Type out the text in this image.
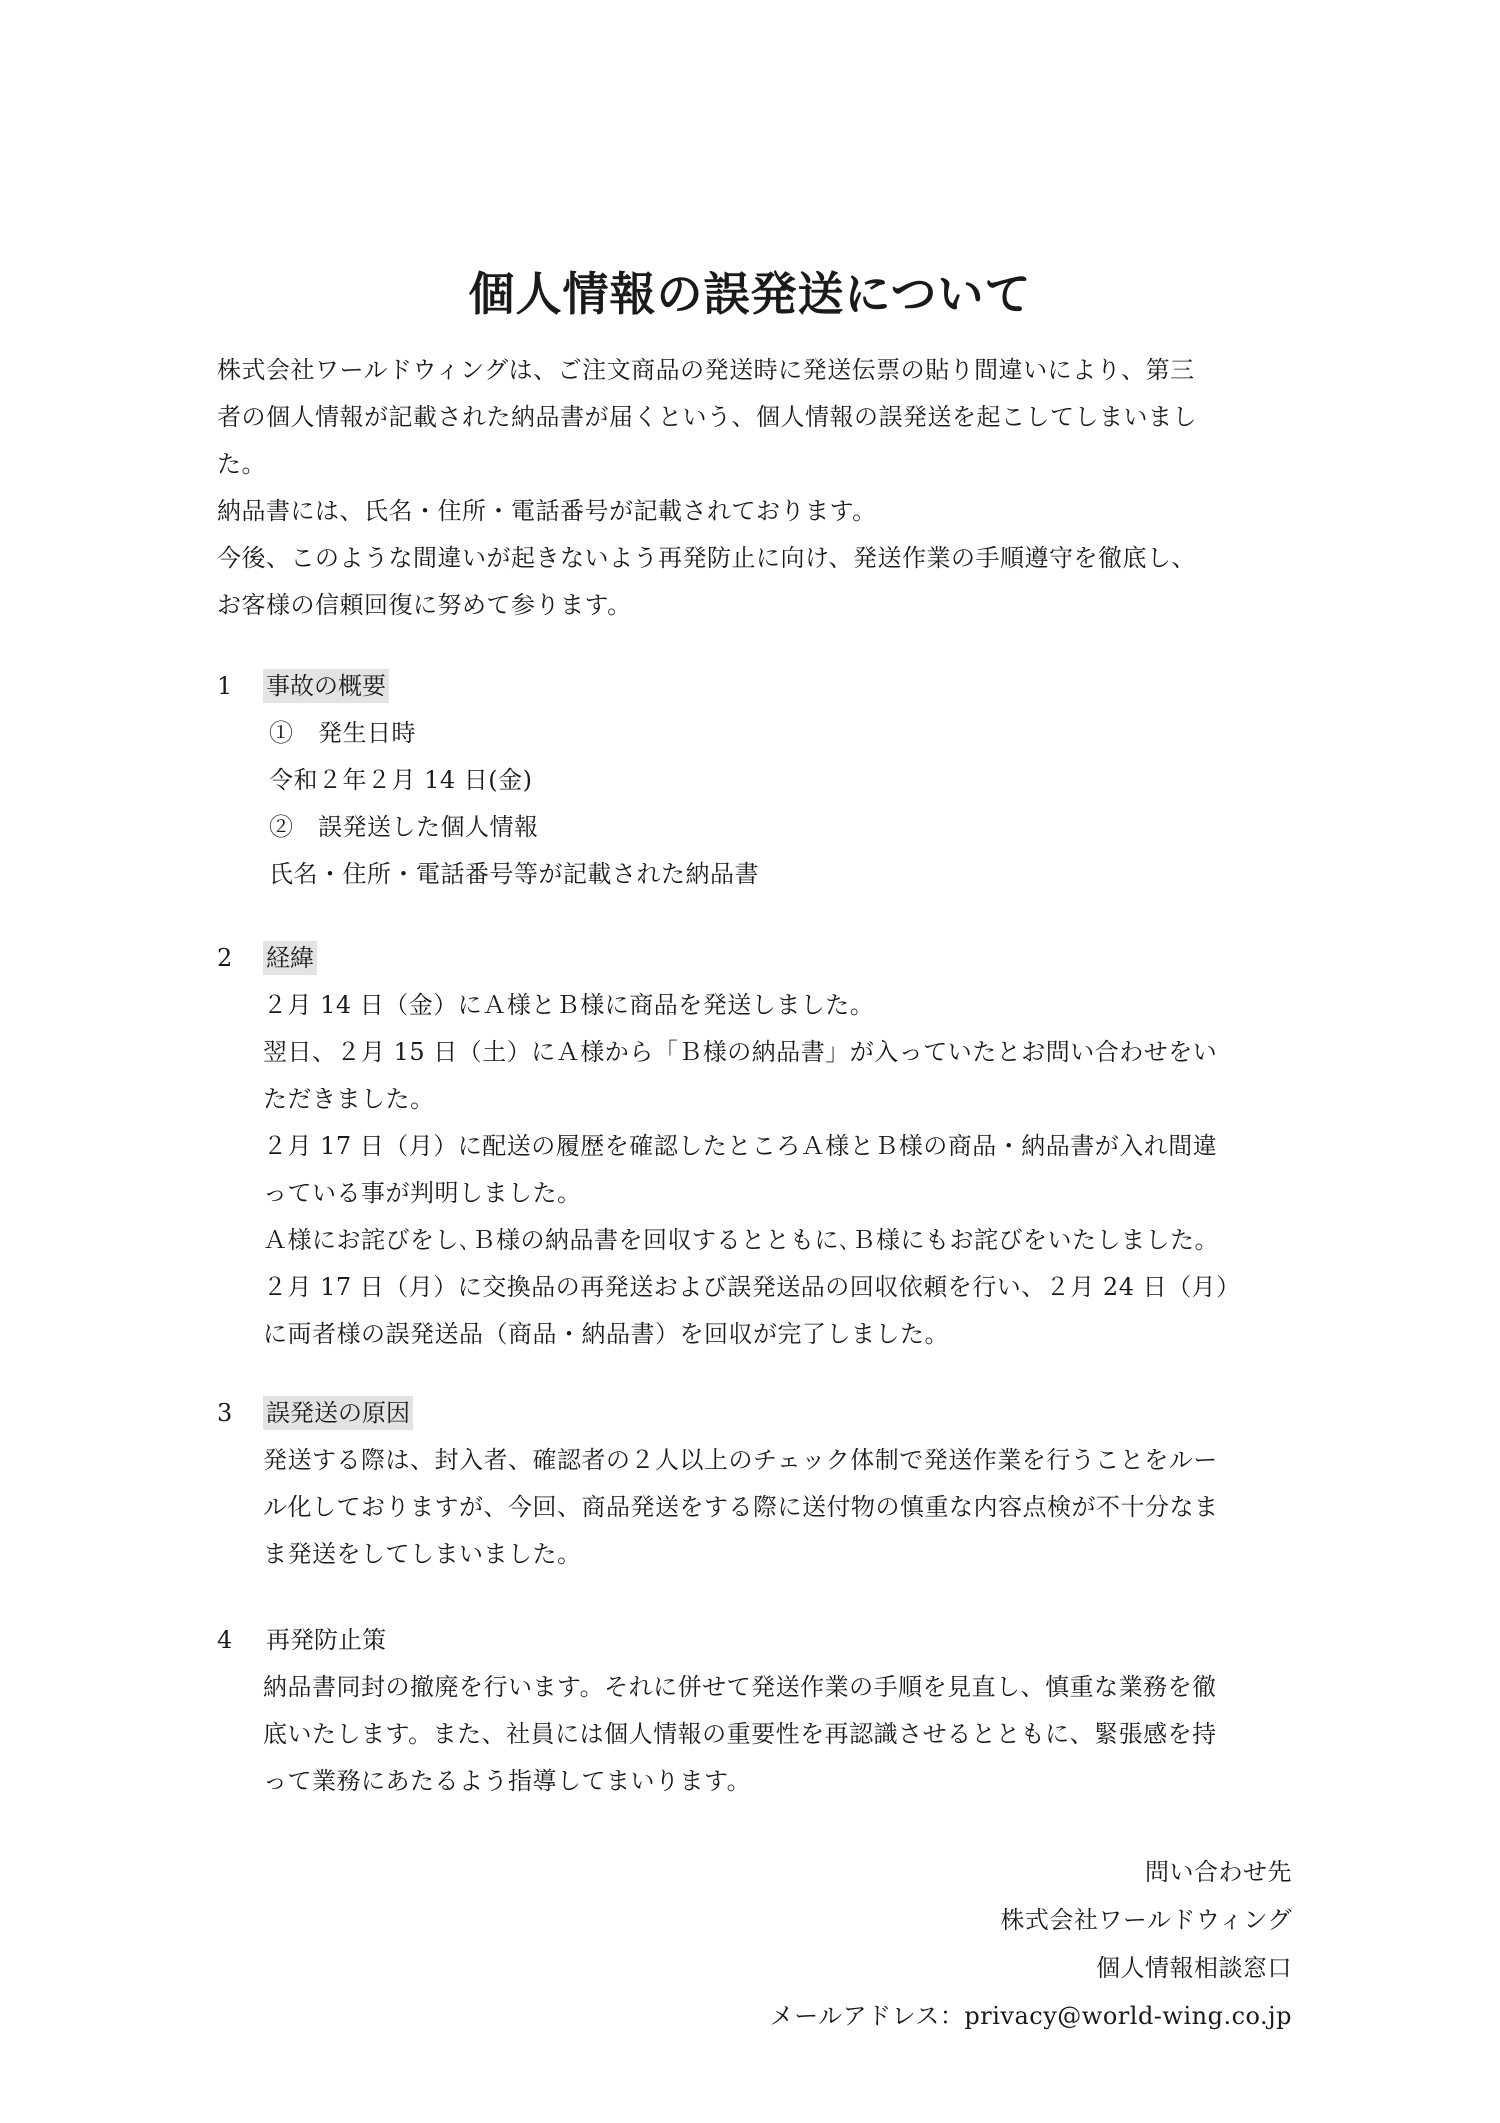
個人情報の誤発送について
株式会社ワールドウィングは、ご注文商品の発送時に発送伝票の貼り間違いにより、第三
者の個人情報が記載された納品書が届くという、個人情報の誤発送を起こしてしまいまし
た。
納品書には、氏名・住所・電話番号が記載されております。
今後、このような間違いが起きないよう再発防止に向け、発送作業の手順遵守を徹底し、
お客様の信頼回復に努めて参ります。
1 事故の概要
①　発生日時
令和２年２月 14 日(金)
②　誤発送した個人情報
氏名・住所・電話番号等が記載された納品書
2 経緯
２月 14 日（金）にＡ様とＢ様に商品を発送しました。
翌日、２月 15 日（土）にＡ様から「Ｂ様の納品書」が入っていたとお問い合わせをい
ただきました。
２月 17 日（月）に配送の履歴を確認したところＡ様とＢ様の商品・納品書が入れ間違
っている事が判明しました。
Ａ様にお詫びをし､Ｂ様の納品書を回収するとともに､Ｂ様にもお詫びをいたしました。
２月 17 日（月）に交換品の再発送および誤発送品の回収依頼を行い、２月 24 日（月）
に両者様の誤発送品（商品・納品書）を回収が完了しました。
3 誤発送の原因
発送する際は、封入者、確認者の２人以上のチェック体制で発送作業を行うことをルー
ル化しておりますが、今回、商品発送をする際に送付物の慎重な内容点検が不十分なま
ま発送をしてしまいました。
4 再発防止策
納品書同封の撤廃を行います。それに併せて発送作業の手順を見直し、慎重な業務を徹
底いたします。また、社員には個人情報の重要性を再認識させるとともに、緊張感を持
って業務にあたるよう指導してまいります。
問い合わせ先
株式会社ワールドウィング
個人情報相談窓口
メールアドレス：privacy@world-wing.co.jp
